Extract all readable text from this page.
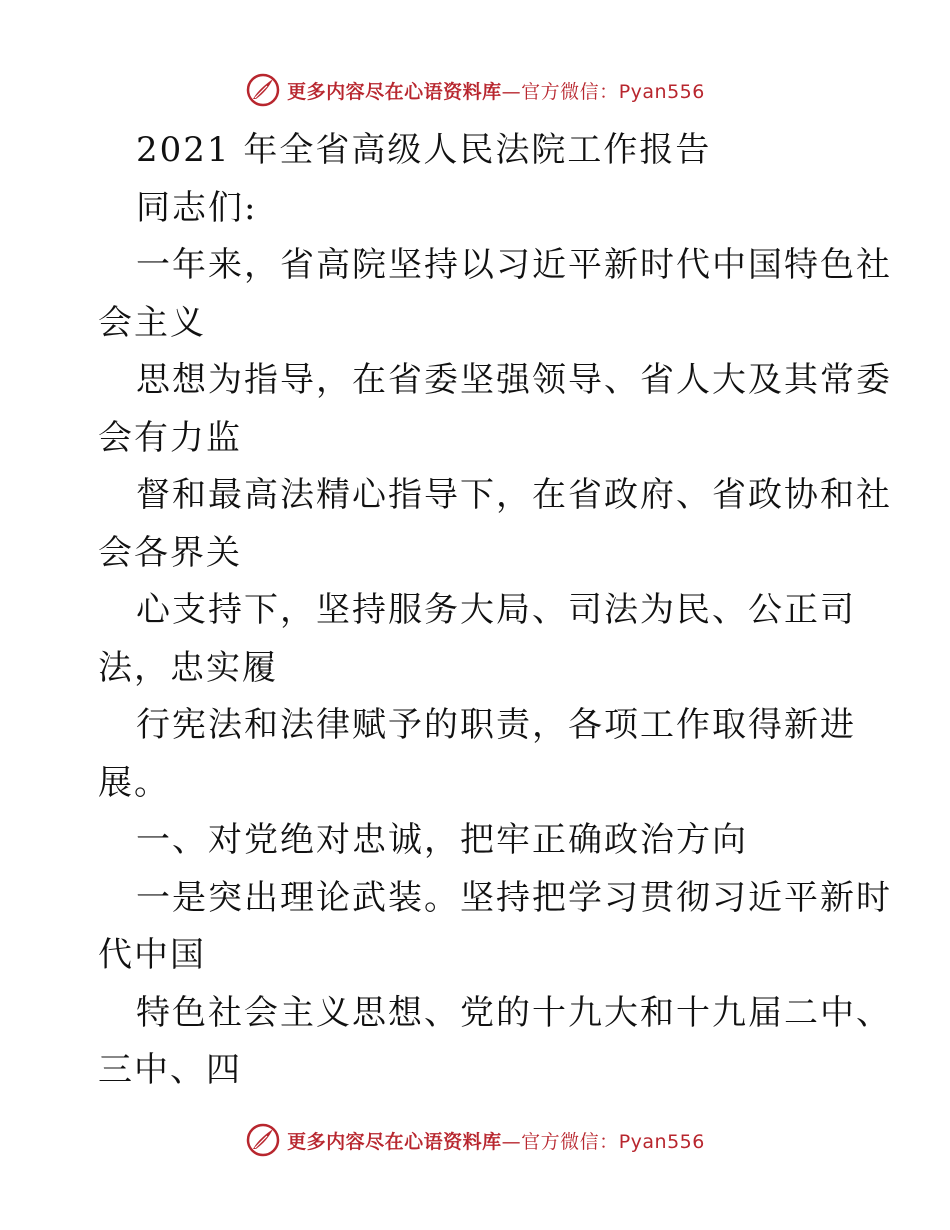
更多内容尽在心语资料库—官方微信：Pyan556
2021 年全省高级人民法院工作报告
同志们:
一年来，省高院坚持以习近平新时代中国特色社
会主义
思想为指导，在省委坚强领导、省人大及其常委
会有力监
督和最高法精心指导下，在省政府、省政协和社
会各界关
心支持下，坚持服务大局、司法为民、公正司
法，忠实履
行宪法和法律赋予的职责，各项工作取得新进
展。
一、对党绝对忠诚，把牢正确政治方向
一是突出理论武装。坚持把学习贯彻习近平新时
代中国
特色社会主义思想、党的十九大和十九届二中、
三中、四
更多内容尽在心语资料库—官方微信：Pyan556
